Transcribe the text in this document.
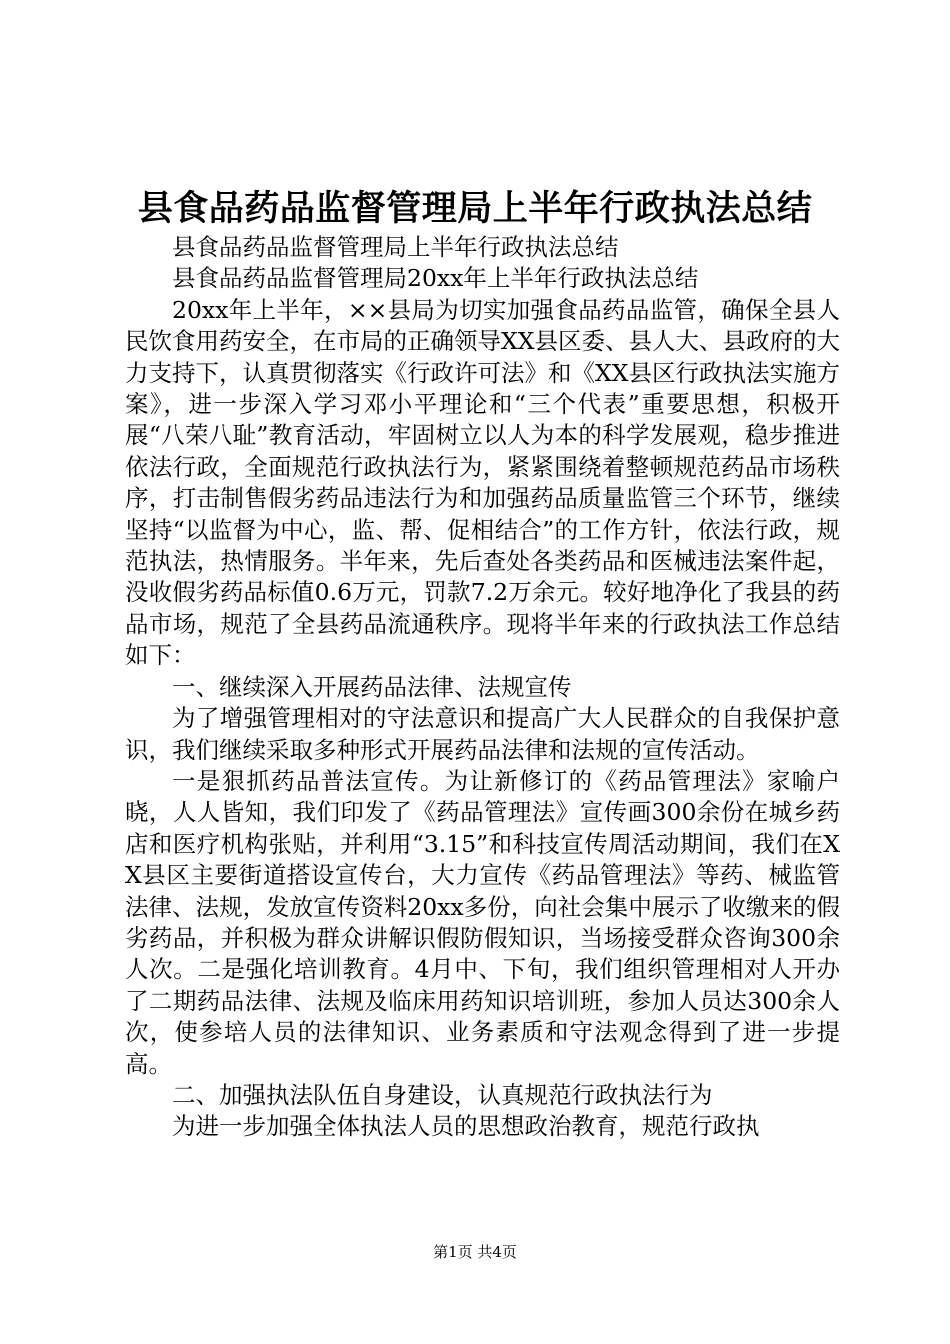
县食品药品监督管理局上半年行政执法总结

县食品药品监督管理局上半年行政执法总结

县食品药品监督管理局20xx年上半年行政执法总结

20xx年上半年，××县局为切实加强食品药品监管，确保全县人民饮食用药安全，在市局的正确领导XX县区委、县人大、县政府的大力支持下，认真贯彻落实《行政许可法》和《XX县区行政执法实施方案》，进一步深入学习邓小平理论和“三个代表”重要思想，积极开展“八荣八耻”教育活动，牢固树立以人为本的科学发展观，稳步推进依法行政，全面规范行政执法行为，紧紧围绕着整顿规范药品市场秩序，打击制售假劣药品违法行为和加强药品质量监管三个环节，继续坚持“以监督为中心，监、帮、促相结合”的工作方针，依法行政，规范执法，热情服务。半年来，先后查处各类药品和医械违法案件起，没收假劣药品标值0.6万元，罚款7.2万余元。较好地净化了我县的药品市场，规范了全县药品流通秩序。现将半年来的行政执法工作总结如下：

一、继续深入开展药品法律、法规宣传

为了增强管理相对的守法意识和提高广大人民群众的自我保护意识，我们继续采取多种形式开展药品法律和法规的宣传活动。

一是狠抓药品普法宣传。为让新修订的《药品管理法》家喻户晓，人人皆知，我们印发了《药品管理法》宣传画300余份在城乡药店和医疗机构张贴，并利用“3.15”和科技宣传周活动期间，我们在XX县区主要街道搭设宣传台，大力宣传《药品管理法》等药、械监管法律、法规，发放宣传资料20xx多份，向社会集中展示了收缴来的假劣药品，并积极为群众讲解识假防假知识，当场接受群众咨询300余人次。二是强化培训教育。4月中、下旬，我们组织管理相对人开办了二期药品法律、法规及临床用药知识培训班，参加人员达300余人次，使参培人员的法律知识、业务素质和守法观念得到了进一步提高。

二、加强执法队伍自身建设，认真规范行政执法行为

为进一步加强全体执法人员的思想政治教育，规范行政执

第1页 共4页
